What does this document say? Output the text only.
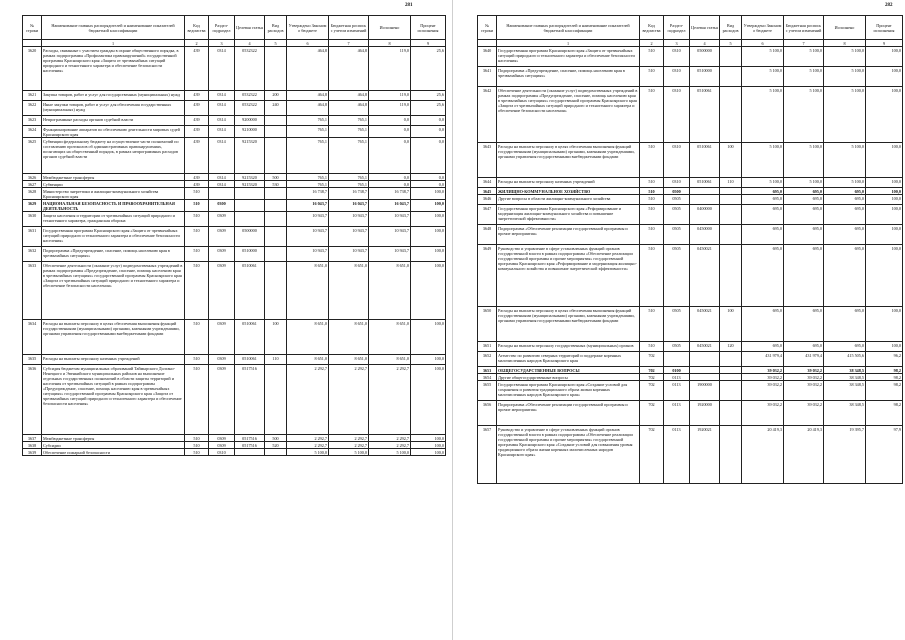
281
№ строки	Наименование главных распорядителей и наименование показателей бюджетной классификации	Код ведомства	Раздел-подраздел	Целевая статья	Вид расходов	Утверждено Законом о бюджете	Бюджетная роспись с учетом изменений	Исполнено	Процент исполнения
	1	2	3	4	5	6	7	8	9
3620	Расходы, связанные с участием граждан в охране общественного порядка, в рамках подпрограммы «Профилактика правонарушений» государственной программы Красноярского края «Защита от чрезвычайных ситуаций природного и техногенного характера и обеспечение безопасности населения»	439	0314	0532322		464,8	464,8	119,0	25,6
3621	Закупка товаров, работ и услуг для государственных (муниципальных) нужд	439	0314	0532322	200	464,8	464,8	119,0	25,6
3622	Иные закупки товаров, работ и услуг для обеспечения государственных (муниципальных) нужд	439	0314	0532322	240	464,8	464,8	119,0	25,6
3623	Непрограммные расходы органов судебной власти	439	0314	9200000		765,1	765,1	0,0	0,0
3624	Функционирование аппаратов по обеспечению деятельности мировых судей Красноярского края	439	0314	9210000		765,1	765,1	0,0	0,0
3625	Субвенции федеральному бюджету на осуществление части полномочий по составлению протоколов об административных правонарушениях, посягающих на общественный порядок, в рамках непрограммных расходов органов судебной власти	439	0314	9215320		765,1	765,1	0,0	0,0
3626	Межбюджетные трансферты	439	0314	9215320	500	765,1	765,1	0,0	0,0
3627	Субвенции	439	0314	9215320	530	765,1	765,1	0,0	0,0
3628	Министерство энергетики и жилищно-коммунального хозяйства Красноярского края	510				16 738,7	16 738,7	16 738,7	100,0
3629	НАЦИОНАЛЬНАЯ БЕЗОПАСНОСТЬ И ПРАВООХРАНИТЕЛЬНАЯ ДЕЯТЕЛЬНОСТЬ	510	0300			16 043,7	16 043,7	16 043,7	100,0
3630	Защита населения и территории от чрезвычайных ситуаций природного и техногенного характера, гражданская оборона	510	0309			10 943,7	10 943,7	10 943,7	100,0
3631	Государственная программа Красноярского края «Защита от чрезвычайных ситуаций природного и техногенного характера и обеспечение безопасности населения»	510	0309	0500000		10 943,7	10 943,7	10 943,7	100,0
3632	Подпрограмма «Предупреждение, спасение, помощь населению края в чрезвычайных ситуациях»	510	0309	0510000		10 943,7	10 943,7	10 943,7	100,0
3633	Обеспечение деятельности (оказание услуг) подведомственных учреждений в рамках подпрограммы «Предупреждение, спасение, помощь населению края в чрезвычайных ситуациях» государственной программы Красноярского края «Защита от чрезвычайных ситуаций природного и техногенного характера и обеспечение безопасности населения»	510	0309	0510061		8 651,0	8 651,0	8 651,0	100,0
3634	Расходы на выплаты персоналу в целях обеспечения выполнения функций государственными (муниципальными) органами, казенными учреждениями, органами управления государственными внебюджетными фондами	510	0309	0510061	100	8 651,0	8 651,0	8 651,0	100,0
3635	Расходы на выплаты персоналу казенных учреждений	510	0309	0510061	110	8 651,0	8 651,0	8 651,0	100,0
3636	Субсидия бюджетам муниципальных образований Таймырского Долгано-Ненецкого и Эвенкийского муниципальных районов на выполнение отдельных государственных полномочий в области защиты территорий и населения от чрезвычайных ситуаций в рамках подпрограммы «Предупреждение, спасение, помощь населению края в чрезвычайных ситуациях» государственной программы Красноярского края «Защита от чрезвычайных ситуаций природного и техногенного характера и обеспечение безопасности населения»	510	0309	0517516		2 292,7	2 292,7	2 292,7	100,0
3637	Межбюджетные трансферты	510	0309	0517516	500	2 292,7	2 292,7	2 292,7	100,0
3638	Субсидии	510	0309	0517516	520	2 292,7	2 292,7	2 292,7	100,0
3639	Обеспечение пожарной безопасности	510	0310			5 100,0	5 100,0	5 100,0	100,0
282
№ строки	Наименование главных распорядителей и наименование показателей бюджетной классификации	Код ведомства	Раздел-подраздел	Целевая статья	Вид расходов	Утверждено Законом о бюджете	Бюджетная роспись с учетом изменений	Исполнено	Процент исполнения
	1	2	3	4	5	6	7	8	9
3640	Государственная программа Красноярского края «Защита от чрезвычайных ситуаций природного и техногенного характера и обеспечение безопасности населения»	510	0310	0500000		5 100,0	5 100,0	5 100,0	100,0
3641	Подпрограмма «Предупреждение, спасение, помощь населению края в чрезвычайных ситуациях»	510	0310	0510000		5 100,0	5 100,0	5 100,0	100,0
3642	Обеспечение деятельности (оказание услуг) подведомственных учреждений в рамках подпрограммы «Предупреждение, спасение, помощь населению края в чрезвычайных ситуациях» государственной программы Красноярского края «Защита от чрезвычайных ситуаций природного и техногенного характера и обеспечение безопасности населения»	510	0310	0510061		5 100,0	5 100,0	5 100,0	100,0
3643	Расходы на выплаты персоналу в целях обеспечения выполнения функций государственными (муниципальными) органами, казенными учреждениями, органами управления государственными внебюджетными фондами	510	0310	0510061	100	5 100,0	5 100,0	5 100,0	100,0
3644	Расходы на выплаты персоналу казенных учреждений	510	0310	0510061	110	5 100,0	5 100,0	5 100,0	100,0
3645	ЖИЛИЩНО-КОММУНАЛЬНОЕ ХОЗЯЙСТВО	510	0500			695,0	695,0	695,0	100,0
3646	Другие вопросы в области жилищно-коммунального хозяйства	510	0505			695,0	695,0	695,0	100,0
3647	Государственная программа Красноярского края «Реформирование и модернизация жилищно-коммунального хозяйства и повышение энергетической эффективности»	510	0505	0400000		695,0	695,0	695,0	100,0
3648	Подпрограмма «Обеспечение реализации государственной программы и прочие мероприятия»	510	0505	0450000		695,0	695,0	695,0	100,0
3649	Руководство и управление в сфере установленных функций органов государственной власти в рамках подпрограммы «Обеспечение реализации государственной программы и прочие мероприятия» государственной программы Красноярского края «Реформирование и модернизация жилищно-коммунального хозяйства и повышение энергетической эффективности»	510	0505	0450021		695,0	695,0	695,0	100,0
3650	Расходы на выплаты персоналу в целях обеспечения выполнения функций государственными (муниципальными) органами, казенными учреждениями, органами управления государственными внебюджетными фондами	510	0505	0450021	100	695,0	695,0	695,0	100,0
3651	Расходы на выплаты персоналу государственных (муниципальных) органов	510	0505	0450021	120	695,0	695,0	695,0	100,0
3652	Агентство по развитию северных территорий и поддержке коренных малочисленных народов Красноярского края	702				431 979,4	431 979,4	415 505,6	96,2
3653	ОБЩЕГОСУДАРСТВЕННЫЕ ВОПРОСЫ	702	0100			39 032,2	39 032,2	38 348,5	98,2
3654	Другие общегосударственные вопросы	702	0113			39 032,2	39 032,2	38 348,5	98,2
3655	Государственная программа Красноярского края «Создание условий для сохранения и развития традиционного образа жизни коренных малочисленных народов Красноярского края»	702	0113	1900000		39 032,2	39 032,2	38 348,5	98,2
3656	Подпрограмма «Обеспечение реализации государственной программы и прочие мероприятия»	702	0113	1920000		39 032,2	39 032,2	38 348,5	98,2
3657	Руководство и управление в сфере установленных функций органов государственной власти в рамках подпрограммы «Обеспечение реализации государственной программы и прочие мероприятия» государственной программы Красноярского края «Создание условий для повышения уровня традиционного образа жизни коренных малочисленных народов Красноярского края»	702	0113	1920021		20 419,3	20 419,3	19 395,7	97,9
